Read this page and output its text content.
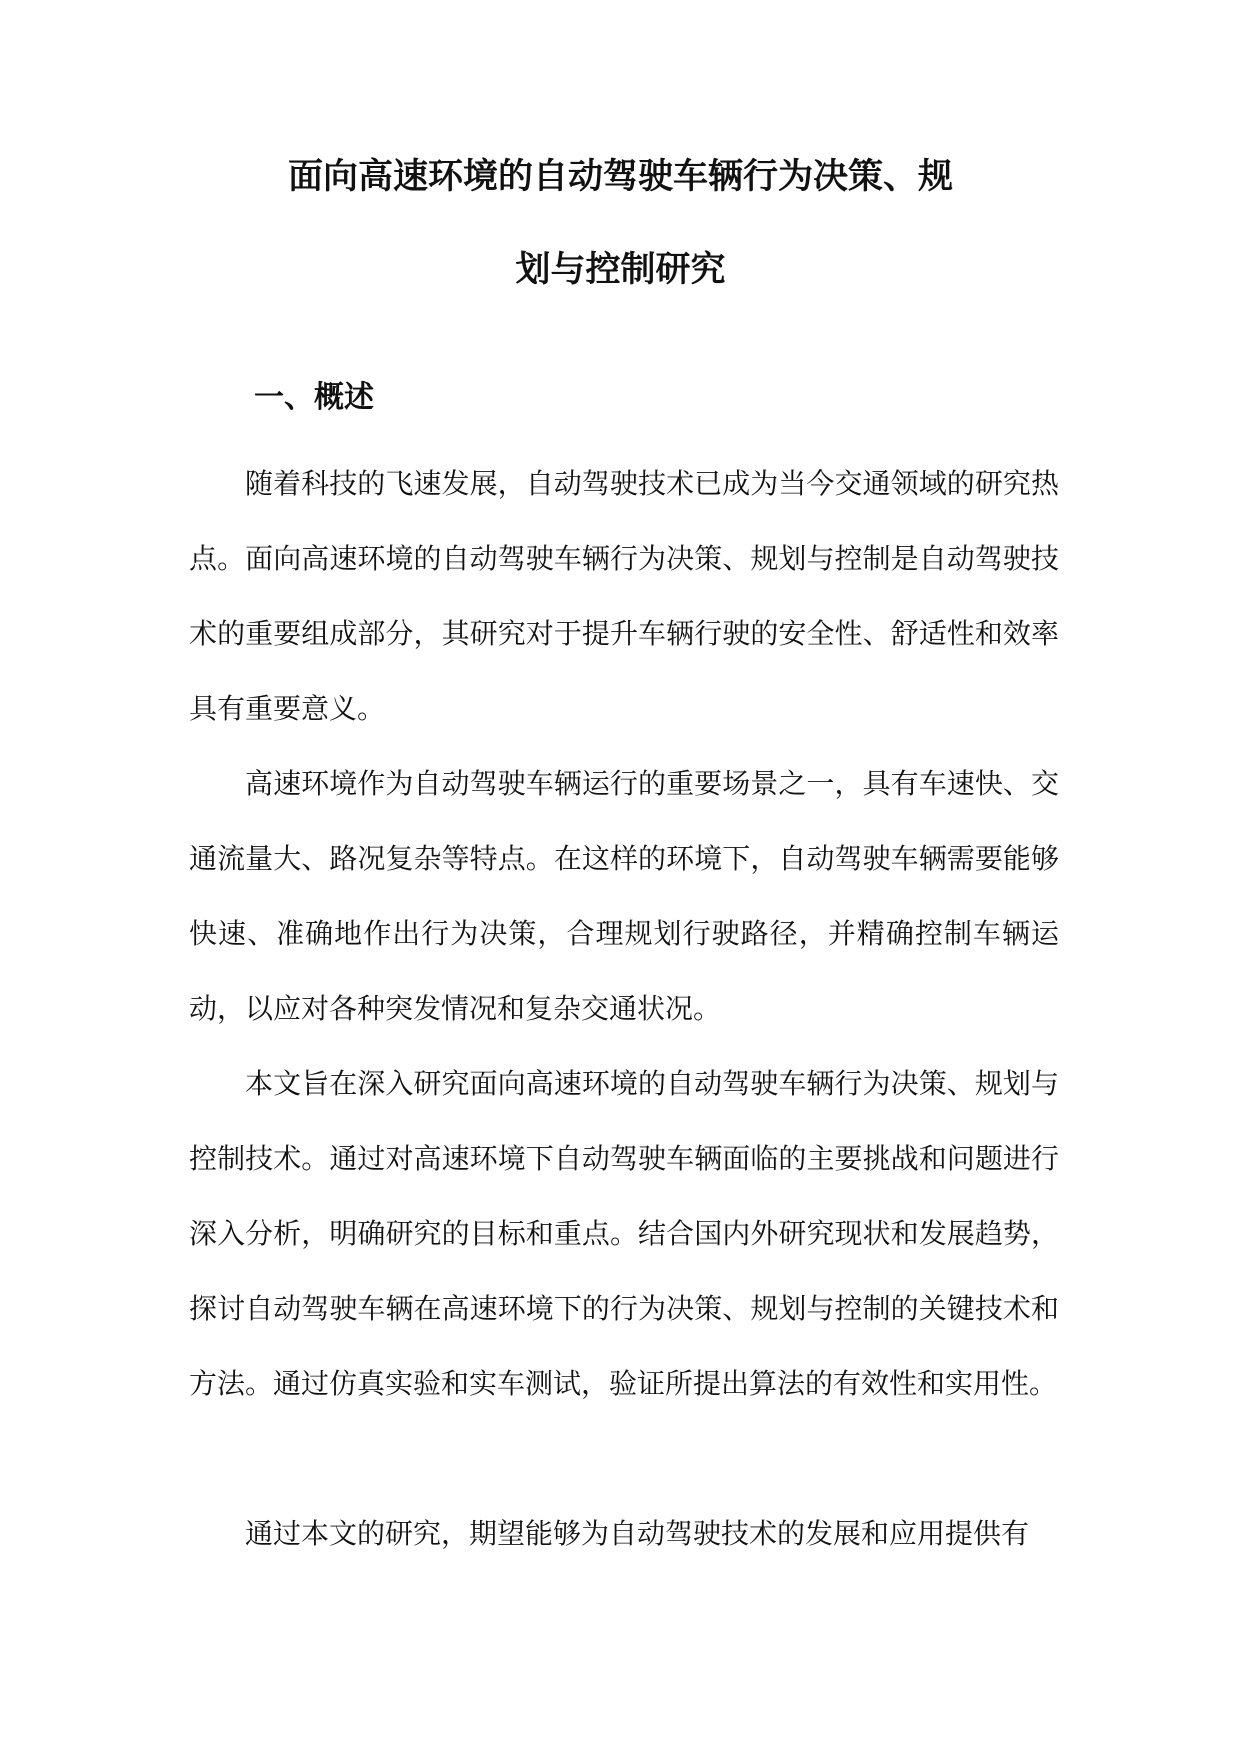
面向高速环境的自动驾驶车辆行为决策、规
划与控制研究
一、概述

随着科技的飞速发展，自动驾驶技术已成为当今交通领域的研究热点。面向高速环境的自动驾驶车辆行为决策、规划与控制是自动驾驶技术的重要组成部分，其研究对于提升车辆行驶的安全性、舒适性和效率具有重要意义。

高速环境作为自动驾驶车辆运行的重要场景之一，具有车速快、交通流量大、路况复杂等特点。在这样的环境下，自动驾驶车辆需要能够快速、准确地作出行为决策，合理规划行驶路径，并精确控制车辆运动，以应对各种突发情况和复杂交通状况。

本文旨在深入研究面向高速环境的自动驾驶车辆行为决策、规划与控制技术。通过对高速环境下自动驾驶车辆面临的主要挑战和问题进行深入分析，明确研究的目标和重点。结合国内外研究现状和发展趋势，探讨自动驾驶车辆在高速环境下的行为决策、规划与控制的关键技术和方法。通过仿真实验和实车测试，验证所提出算法的有效性和实用性。

通过本文的研究，期望能够为自动驾驶技术的发展和应用提供有
